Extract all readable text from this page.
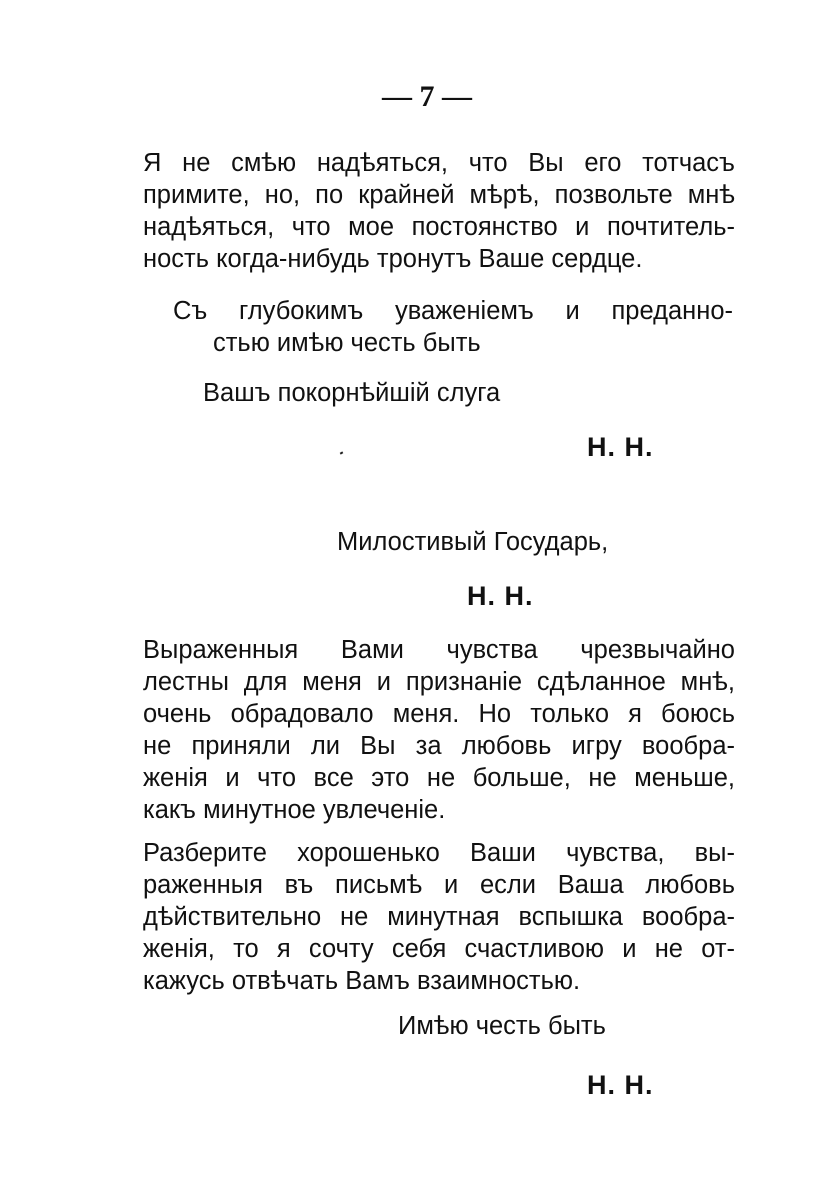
— 7 —
Я не смѣю надѣяться, что Вы его тотчасъ
примите, но, по крайней мѣрѣ, позвольте мнѣ
надѣяться, что мое постоянство и почтитель-
ность когда-нибудь тронутъ Ваше сердце.
Съ глубокимъ уваженіемъ и преданно-
стью имѣю честь быть
Вашъ покорнѣйшій слуга
Н. Н.
Милостивый Государь,
Н. Н.
Выраженныя Вами чувства чрезвычайно
лестны для меня и признаніе сдѣланное мнѣ,
очень обрадовало меня. Но только я боюсь
не приняли ли Вы за любовь игру вообра-
женія и что все это не больше, не меньше,
какъ минутное увлеченіе.
Разберите хорошенько Ваши чувства, вы-
раженныя въ письмѣ и если Ваша любовь
дѣйствительно не минутная вспышка вообра-
женія, то я сочту себя счастливою и не от-
кажусь отвѣчать Вамъ взаимностью.
Имѣю честь быть
Н. Н.
